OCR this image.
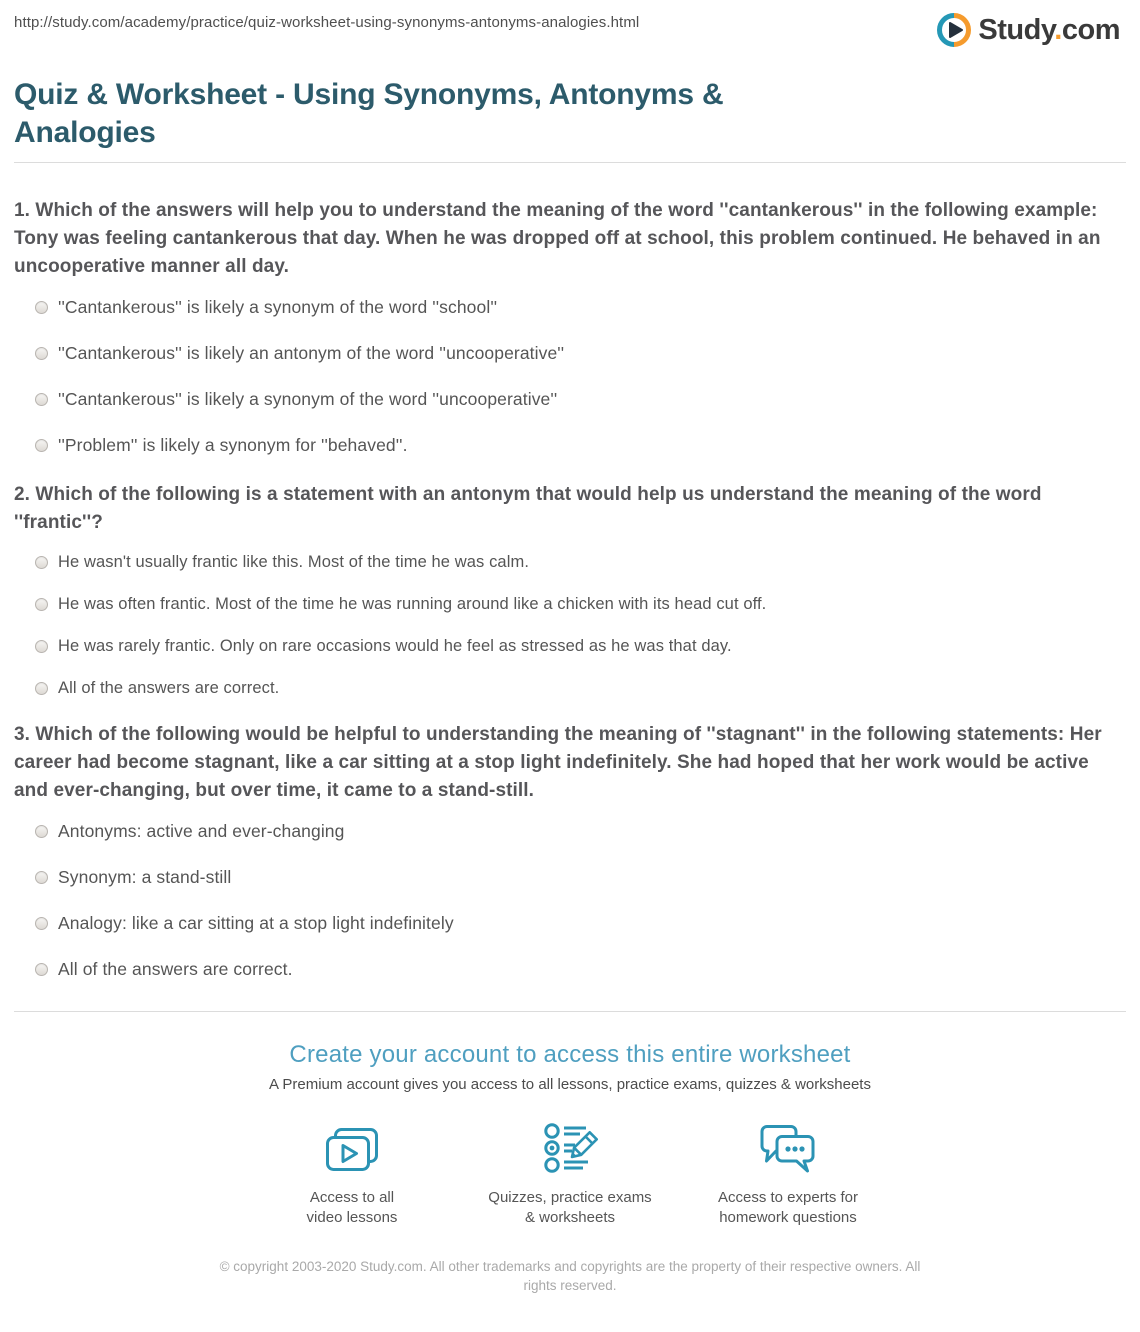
http://study.com/academy/practice/quiz-worksheet-using-synonyms-antonyms-analogies.html	Study.com
Quiz & Worksheet - Using Synonyms, Antonyms & Analogies

1. Which of the answers will help you to understand the meaning of the word ''cantankerous'' in the following example: Tony was feeling cantankerous that day. When he was dropped off at school, this problem continued. He behaved in an uncooperative manner all day.

''Cantankerous'' is likely a synonym of the word ''school''
''Cantankerous'' is likely an antonym of the word ''uncooperative''
''Cantankerous'' is likely a synonym of the word ''uncooperative''
''Problem'' is likely a synonym for ''behaved''.

2. Which of the following is a statement with an antonym that would help us understand the meaning of the word ''frantic''?

He wasn't usually frantic like this. Most of the time he was calm.
He was often frantic. Most of the time he was running around like a chicken with its head cut off.
He was rarely frantic. Only on rare occasions would he feel as stressed as he was that day.
All of the answers are correct.

3. Which of the following would be helpful to understanding the meaning of ''stagnant'' in the following statements: Her career had become stagnant, like a car sitting at a stop light indefinitely. She had hoped that her work would be active and ever-changing, but over time, it came to a stand-still.

Antonyms: active and ever-changing
Synonym: a stand-still
Analogy: like a car sitting at a stop light indefinitely
All of the answers are correct.
Create your account to access this entire worksheet
A Premium account gives you access to all lessons, practice exams, quizzes & worksheets
Access to all
video lessons
Quizzes, practice exams
& worksheets
Access to experts for
homework questions
© copyright 2003-2020 Study.com. All other trademarks and copyrights are the property of their respective owners. All rights reserved.
